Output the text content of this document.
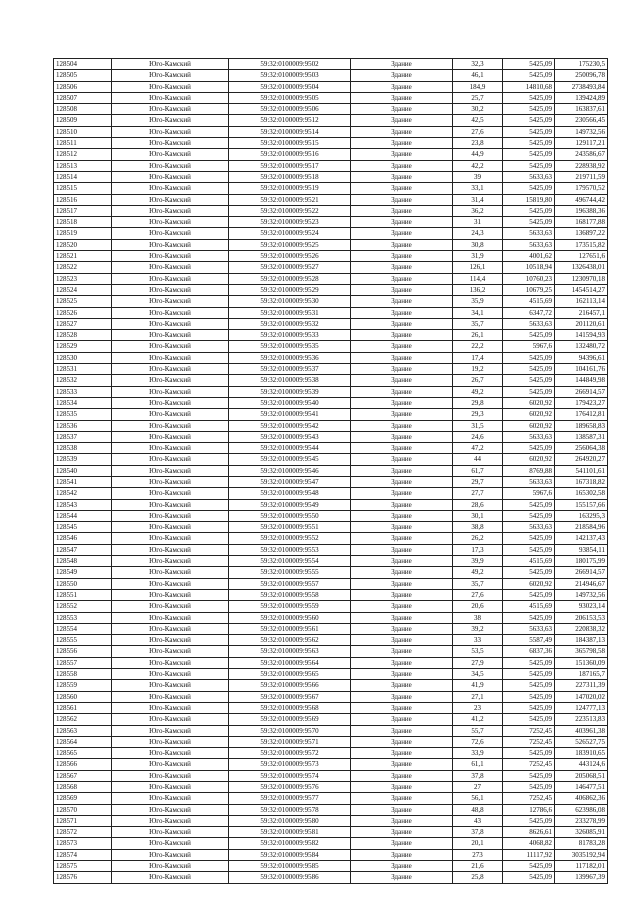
128504	Юго-Камский	59:32:0100009:9502	Здание	32,3	5425,09	175230,5
128505	Юго-Камский	59:32:0100009:9503	Здание	46,1	5425,09	250096,78
128506	Юго-Камский	59:32:0100009:9504	Здание	184,9	14810,68	2738493,84
128507	Юго-Камский	59:32:0100009:9505	Здание	25,7	5425,09	139424,89
128508	Юго-Камский	59:32:0100009:9506	Здание	30,2	5425,09	163837,61
128509	Юго-Камский	59:32:0100009:9512	Здание	42,5	5425,09	230566,45
128510	Юго-Камский	59:32:0100009:9514	Здание	27,6	5425,09	149732,56
128511	Юго-Камский	59:32:0100009:9515	Здание	23,8	5425,09	129117,21
128512	Юго-Камский	59:32:0100009:9516	Здание	44,9	5425,09	243586,67
128513	Юго-Камский	59:32:0100009:9517	Здание	42,2	5425,09	228938,92
128514	Юго-Камский	59:32:0100009:9518	Здание	39	5633,63	219711,59
128515	Юго-Камский	59:32:0100009:9519	Здание	33,1	5425,09	179570,52
128516	Юго-Камский	59:32:0100009:9521	Здание	31,4	15819,80	496744,42
128517	Юго-Камский	59:32:0100009:9522	Здание	36,2	5425,09	196388,36
128518	Юго-Камский	59:32:0100009:9523	Здание	31	5425,09	168177,88
128519	Юго-Камский	59:32:0100009:9524	Здание	24,3	5633,63	136897,22
128520	Юго-Камский	59:32:0100009:9525	Здание	30,8	5633,63	173515,82
128521	Юго-Камский	59:32:0100009:9526	Здание	31,9	4001,62	127651,6
128522	Юго-Камский	59:32:0100009:9527	Здание	126,1	10518,94	1326438,01
128523	Юго-Камский	59:32:0100009:9528	Здание	114,4	10760,23	1230970,18
128524	Юго-Камский	59:32:0100009:9529	Здание	136,2	10679,25	1454514,27
128525	Юго-Камский	59:32:0100009:9530	Здание	35,9	4515,69	162113,14
128526	Юго-Камский	59:32:0100009:9531	Здание	34,1	6347,72	216457,1
128527	Юго-Камский	59:32:0100009:9532	Здание	35,7	5633,63	201120,61
128528	Юго-Камский	59:32:0100009:9533	Здание	26,1	5425,09	141594,93
128529	Юго-Камский	59:32:0100009:9535	Здание	22,2	5967,6	132480,72
128530	Юго-Камский	59:32:0100009:9536	Здание	17,4	5425,09	94396,61
128531	Юго-Камский	59:32:0100009:9537	Здание	19,2	5425,09	104161,76
128532	Юго-Камский	59:32:0100009:9538	Здание	26,7	5425,09	144849,98
128533	Юго-Камский	59:32:0100009:9539	Здание	49,2	5425,09	266914,57
128534	Юго-Камский	59:32:0100009:9540	Здание	29,8	6020,92	179423,27
128535	Юго-Камский	59:32:0100009:9541	Здание	29,3	6020,92	176412,81
128536	Юго-Камский	59:32:0100009:9542	Здание	31,5	6020,92	189658,83
128537	Юго-Камский	59:32:0100009:9543	Здание	24,6	5633,63	138587,31
128538	Юго-Камский	59:32:0100009:9544	Здание	47,2	5425,09	256064,38
128539	Юго-Камский	59:32:0100009:9545	Здание	44	6020,92	264920,27
128540	Юго-Камский	59:32:0100009:9546	Здание	61,7	8769,88	541101,61
128541	Юго-Камский	59:32:0100009:9547	Здание	29,7	5633,63	167318,82
128542	Юго-Камский	59:32:0100009:9548	Здание	27,7	5967,6	165302,58
128543	Юго-Камский	59:32:0100009:9549	Здание	28,6	5425,09	155157,66
128544	Юго-Камский	59:32:0100009:9550	Здание	30,1	5425,09	163295,3
128545	Юго-Камский	59:32:0100009:9551	Здание	38,8	5633,63	218584,96
128546	Юго-Камский	59:32:0100009:9552	Здание	26,2	5425,09	142137,43
128547	Юго-Камский	59:32:0100009:9553	Здание	17,3	5425,09	93854,11
128548	Юго-Камский	59:32:0100009:9554	Здание	39,9	4515,69	180175,99
128549	Юго-Камский	59:32:0100009:9555	Здание	49,2	5425,09	266914,57
128550	Юго-Камский	59:32:0100009:9557	Здание	35,7	6020,92	214946,67
128551	Юго-Камский	59:32:0100009:9558	Здание	27,6	5425,09	149732,56
128552	Юго-Камский	59:32:0100009:9559	Здание	20,6	4515,69	93023,14
128553	Юго-Камский	59:32:0100009:9560	Здание	38	5425,09	206153,53
128554	Юго-Камский	59:32:0100009:9561	Здание	39,2	5633,63	220838,32
128555	Юго-Камский	59:32:0100009:9562	Здание	33	5587,49	184387,13
128556	Юго-Камский	59:32:0100009:9563	Здание	53,5	6837,36	365798,58
128557	Юго-Камский	59:32:0100009:9564	Здание	27,9	5425,09	151360,09
128558	Юго-Камский	59:32:0100009:9565	Здание	34,5	5425,09	187165,7
128559	Юго-Камский	59:32:0100009:9566	Здание	41,9	5425,09	227311,39
128560	Юго-Камский	59:32:0100009:9567	Здание	27,1	5425,09	147020,02
128561	Юго-Камский	59:32:0100009:9568	Здание	23	5425,09	124777,13
128562	Юго-Камский	59:32:0100009:9569	Здание	41,2	5425,09	223513,83
128563	Юго-Камский	59:32:0100009:9570	Здание	55,7	7252,45	403961,38
128564	Юго-Камский	59:32:0100009:9571	Здание	72,6	7252,45	526527,75
128565	Юго-Камский	59:32:0100009:9572	Здание	33,9	5425,09	183910,65
128566	Юго-Камский	59:32:0100009:9573	Здание	61,1	7252,45	443124,6
128567	Юго-Камский	59:32:0100009:9574	Здание	37,8	5425,09	205068,51
128568	Юго-Камский	59:32:0100009:9576	Здание	27	5425,09	146477,51
128569	Юго-Камский	59:32:0100009:9577	Здание	56,1	7252,45	406862,36
128570	Юго-Камский	59:32:0100009:9578	Здание	48,8	12786,6	623986,08
128571	Юго-Камский	59:32:0100009:9580	Здание	43	5425,09	233278,99
128572	Юго-Камский	59:32:0100009:9581	Здание	37,8	8626,61	326085,91
128573	Юго-Камский	59:32:0100009:9582	Здание	20,1	4068,82	81783,28
128574	Юго-Камский	59:32:0100009:9584	Здание	273	11117,92	3035192,94
128575	Юго-Камский	59:32:0100009:9585	Здание	21,6	5425,09	117182,01
128576	Юго-Камский	59:32:0100009:9586	Здание	25,8	5425,09	139967,39
